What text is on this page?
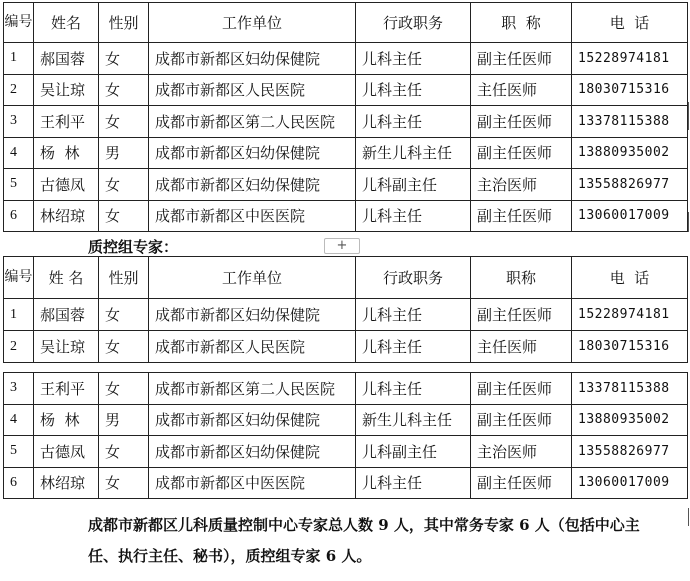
编号	姓名	性别	工作单位	行政职务	职  称	电  话
1	郝国蓉	女	成都市新都区妇幼保健院	儿科主任	副主任医师	15228974181
2	吴让琼	女	成都市新都区人民医院	儿科主任	主任医师	18030715316
3	王利平	女	成都市新都区第二人民医院	儿科主任	副主任医师	13378115388
4	杨  林	男	成都市新都区妇幼保健院	新生儿科主任	副主任医师	13880935002
5	古德凤	女	成都市新都区妇幼保健院	儿科副主任	主治医师	13558826977
6	林绍琼	女	成都市新都区中医医院	儿科主任	副主任医师	13060017009
质控组专家：	+
编号	姓 名	性别	工作单位	行政职务	职称	电  话
1	郝国蓉	女	成都市新都区妇幼保健院	儿科主任	副主任医师	15228974181
2	吴让琼	女	成都市新都区人民医院	儿科主任	主任医师	18030715316
3	王利平	女	成都市新都区第二人民医院	儿科主任	副主任医师	13378115388
4	杨  林	男	成都市新都区妇幼保健院	新生儿科主任	副主任医师	13880935002
5	古德凤	女	成都市新都区妇幼保健院	儿科副主任	主治医师	13558826977
6	林绍琼	女	成都市新都区中医医院	儿科主任	副主任医师	13060017009
成都市新都区儿科质量控制中心专家总人数 9 人，其中常务专家 6 人（包括中心主任、执行主任、秘书），质控组专家 6 人。
